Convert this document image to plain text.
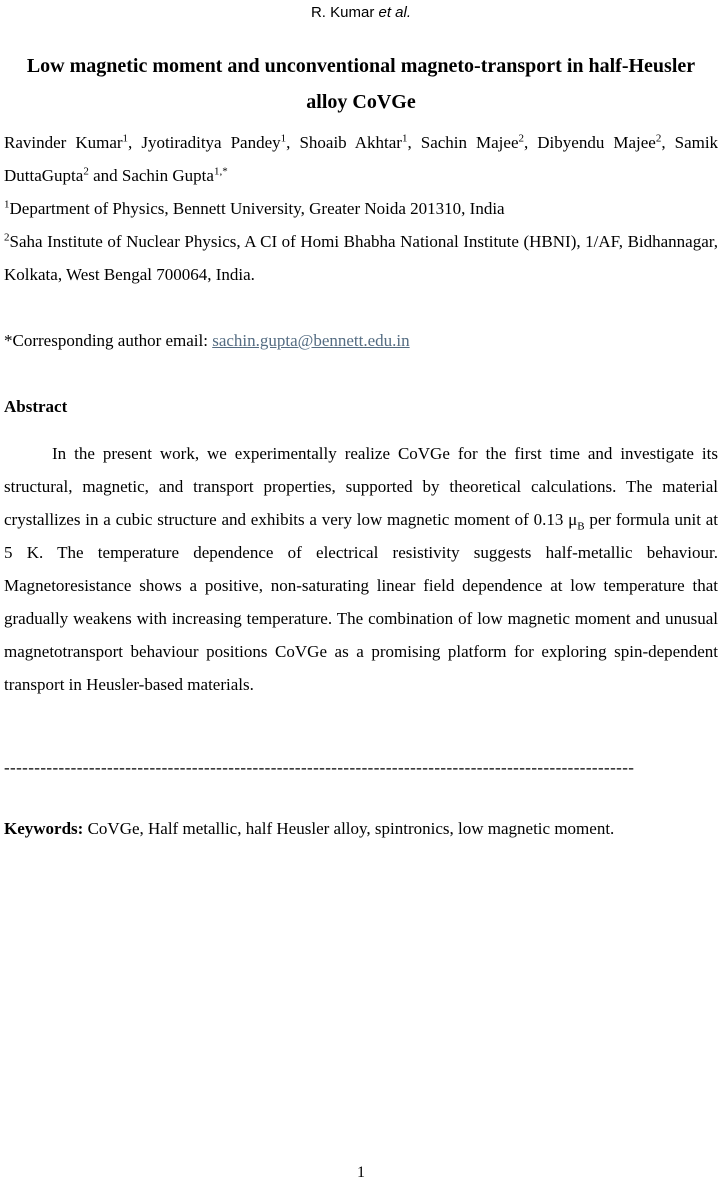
R. Kumar et al.
Low magnetic moment and unconventional magneto-transport in half-Heusler alloy CoVGe

Ravinder Kumar$^1$, Jyotiraditya Pandey$^1$, Shoaib Akhtar$^1$, Sachin Majee$^2$, Dibyendu Majee$^2$, Samik DuttaGupta$^2$ and Sachin Gupta$^{1,*}$

$^1$Department of Physics, Bennett University, Greater Noida 201310, India

$^2$Saha Institute of Nuclear Physics, A CI of Homi Bhabha National Institute (HBNI), 1/AF, Bidhannagar, Kolkata, West Bengal 700064, India.

*Corresponding author email: sachin.gupta@bennett.edu.in

Abstract

In the present work, we experimentally realize CoVGe for the first time and investigate its structural, magnetic, and transport properties, supported by theoretical calculations. The material crystallizes in a cubic structure and exhibits a very low magnetic moment of 0.13 $\mu_B$ per formula unit at 5 K. The temperature dependence of electrical resistivity suggests half-metallic behaviour. Magnetoresistance shows a positive, non-saturating linear field dependence at low temperature that gradually weakens with increasing temperature. The combination of low magnetic moment and unusual magnetotransport behaviour positions CoVGe as a promising platform for exploring spin-dependent transport in Heusler-based materials.

--------------------------------------------------------------------------------------------------------

Keywords: CoVGe, Half metallic, half Heusler alloy, spintronics, low magnetic moment.

1
